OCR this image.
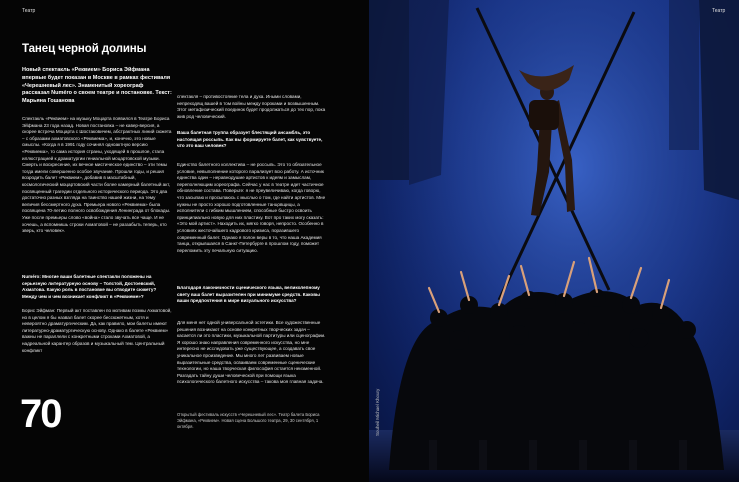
Театр
Танец черной долины
Новый спектакль «Реквием» Бориса Эйфмана впервые будет показан в Москве в рамках фестиваля «Черешневый лес». Знаменитый хореограф рассказал Numéro о своем театре и постановке. Текст: Марьяна Гошанова

Спектакль «Реквием» на музыку Моцарта появился в Театре Бориса Эйфмана 23 года назад. Новая постановка – не кавер-версия, а скорее встреча Моцарта с Шостаковичем, абстрактных линий сюжета – с образами ахматовского «Реквиема», и, конечно, это новые смыслы. «Когда я в 1991 году сочинял одноактную версию «Реквиема», то сама история страны, уходящей в прошлое, стала иллюстрацией к драматургии гениальной моцартовской музыки. Смерть и воскресение, их вечное мистическое единство – эти темы тогда имели совершенно особое звучание. Прошли годы, и решил возродить балет «Реквием», добавив в масштабный, космологический моцартовский части более камерный балетный акт, посвященный трагедии отдельного исторического периода. Это два достаточно разных взгляда на таинство нашей жизни, на тему величия бессмертного духа. Премьера нового «Реквиема» была посвящена 70-летию полного освобождения Ленинграда от блокады. Уже после премьеры слово «война» стало звучать все чаще. И не хочешь, а вспомнишь строки Ахматовой – не раззабыть теперь, кто зверь, кто человек».

Numéro: Многие ваши балетные спектакли положены на серьезную литературную основу – Толстой, Достоевский, Ахматова. Какую роль в постановке вы отводите сюжету? Между чем и чем возникает конфликт в «Реквиеме»?

Борис Эйфман: Первый акт поставлен по мотивам поэмы Ахматовой, но в целом я бы назвал балет скорее бессюжетным, хотя и невероятно драматургическим. Да, как правило, мои балеты имеют литературно-драматургическую основу. Однако в балете «Реквием» важны не параллели с конкретными строками Ахматовой, а надреальной карантер образов и музыкальный тем. Центральный конфликт

спектакля – противостояние тела и духа. Иными словами, непреходящ вашей в том войны между пороками и возвышенным. Этот метафизический поединок будет продолжаться до тех пор, пока жив род человеческий.

Ваша балетная труппа образует блестящий ансамбль, это настоящая россыпь. Как вы формируете балет, как чувствуете, что это ваш человек?

Единство балетного коллектива – не россыпь. Это то обязательное условие, невыполнение которого парализует всю работу. А источник единства один – неравнодушие артистов к идеям и замыслам, переполняющим хореографа. Сейчас у нас в театре идет частичное обновление состава. Поверьте: я не преувеличиваю, когда говорю, что засыпаю и просыпаюсь с мыслью о том, где найти артистов. Мне нужны не просто хорошо подготовленные танцовщицы, а исполнители с гибким мышлением, способные быстро освоить принципиально новую для них пластику. Вот про таких могу сказать: «Это мой артист». Находить их, мягко говоря, непросто. Особенно в условиях жесточайшего кадрового кризиса, поразившего современный балет. Однако я полон веры в то, что наша Академия танца, открывшаяся в Санкт-Петербурге в прошлом году, поможет переломить эту печальную ситуацию.

Благодаря лаконичности сценического языка, великолепному свету ваш балет выразителен при минимуме средств. Каковы ваши предпочтения в мире визуального искусства?

Для меня нет одной универсальной эстетики. Все художественные решения возникают на основе конкретных творческих задач – касается ли это пластики, музыкальной партитуры или сценографии. Я хорошо знаю направления современного искусства, но мне интересно не исследовать уже существующее, а создавать свое уникальное произведение. Мы много лет развиваем новые выразительные средства, осваиваем современные сценические технологии, но наша творческая философия остается неизменной. Разгадать тайну души человеческой при помощи языка психологического балетного искусства – такова моя главная задача.

Открытый фестиваль искусств «Черешневый лес». Театр балета Бориса Эйфмана, «Реквием». Новая сцена Большого театра, 29, 30 сентября, 1 октября.

70
Театр
Souheil Michael Khoury
